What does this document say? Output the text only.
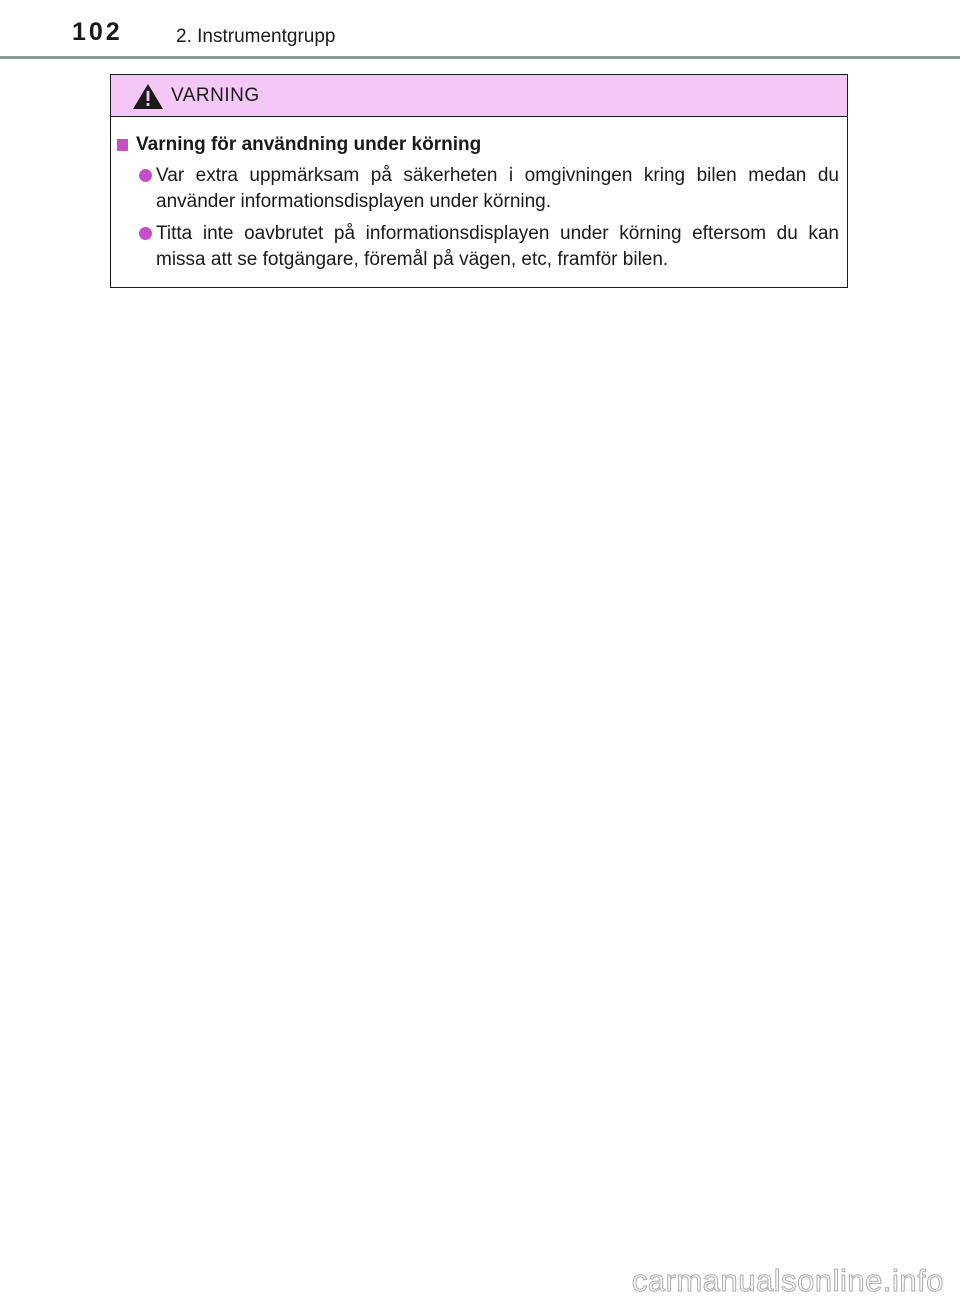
102	2. Instrumentgrupp
VARNING
Varning för användning under körning
Var extra uppmärksam på säkerheten i omgivningen kring bilen medan du använder informationsdisplayen under körning.
Titta inte oavbrutet på informationsdisplayen under körning eftersom du kan missa att se fotgängare, föremål på vägen, etc, framför bilen.
carmanualsonline.info
